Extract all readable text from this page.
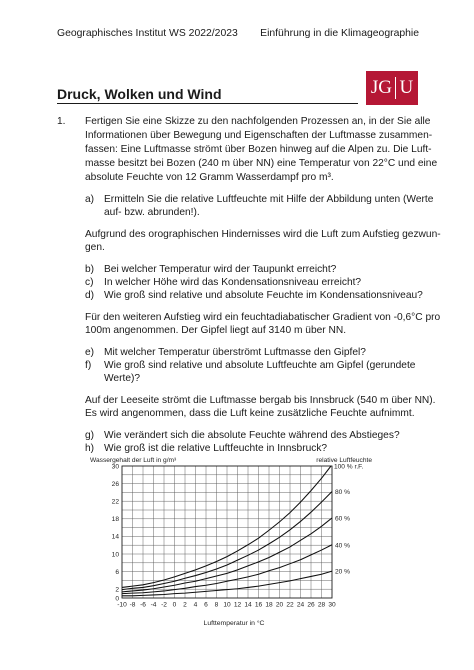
Geographisches Institut WS 2022/2023 Einführung in die Klimageographie
JG U
Druck, Wolken und Wind
1. Fertigen Sie eine Skizze zu den nachfolgenden Prozessen an, in der Sie alle
Informationen über Bewegung und Eigenschaften der Luftmasse zusammen-
fassen: Eine Luftmasse strömt über Bozen hinweg auf die Alpen zu. Die Luft-
masse besitzt bei Bozen (240 m über NN) eine Temperatur von 22°C und eine
absolute Feuchte von 12 Gramm Wasserdampf pro m³.
a) Ermitteln Sie die relative Luftfeuchte mit Hilfe der Abbildung unten (Werte
auf- bzw. abrunden!).
Aufgrund des orographischen Hindernisses wird die Luft zum Aufstieg gezwun-
gen.
b) Bei welcher Temperatur wird der Taupunkt erreicht?
c) In welcher Höhe wird das Kondensationsniveau erreicht?
d) Wie groß sind relative und absolute Feuchte im Kondensationsniveau?
Für den weiteren Aufstieg wird ein feuchtadiabatischer Gradient von -0,6°C pro
100m angenommen. Der Gipfel liegt auf 3140 m über NN.
e) Mit welcher Temperatur überströmt Luftmasse den Gipfel?
f) Wie groß sind relative und absolute Luftfeuchte am Gipfel (gerundete
Werte)?
Auf der Leeseite strömt die Luftmasse bergab bis Innsbruck (540 m über NN).
Es wird angenommen, dass die Luft keine zusätzliche Feuchte aufnimmt.
g) Wie verändert sich die absolute Feuchte während des Abstieges?
h) Wie groß ist die relative Luftfeuchte in Innsbruck?
Wassergehalt der Luft in g/m³	relative Luftfeuchte
Lufttemperatur in °C
-10 -8 -6 -4 -2 0 2 4 6 8 10 12 14 16 18 20 22 24 26 28 30
0
2
6
10
14
18
22
26
30	100 % r.F.
80 %
60 %
40 %
20 %
